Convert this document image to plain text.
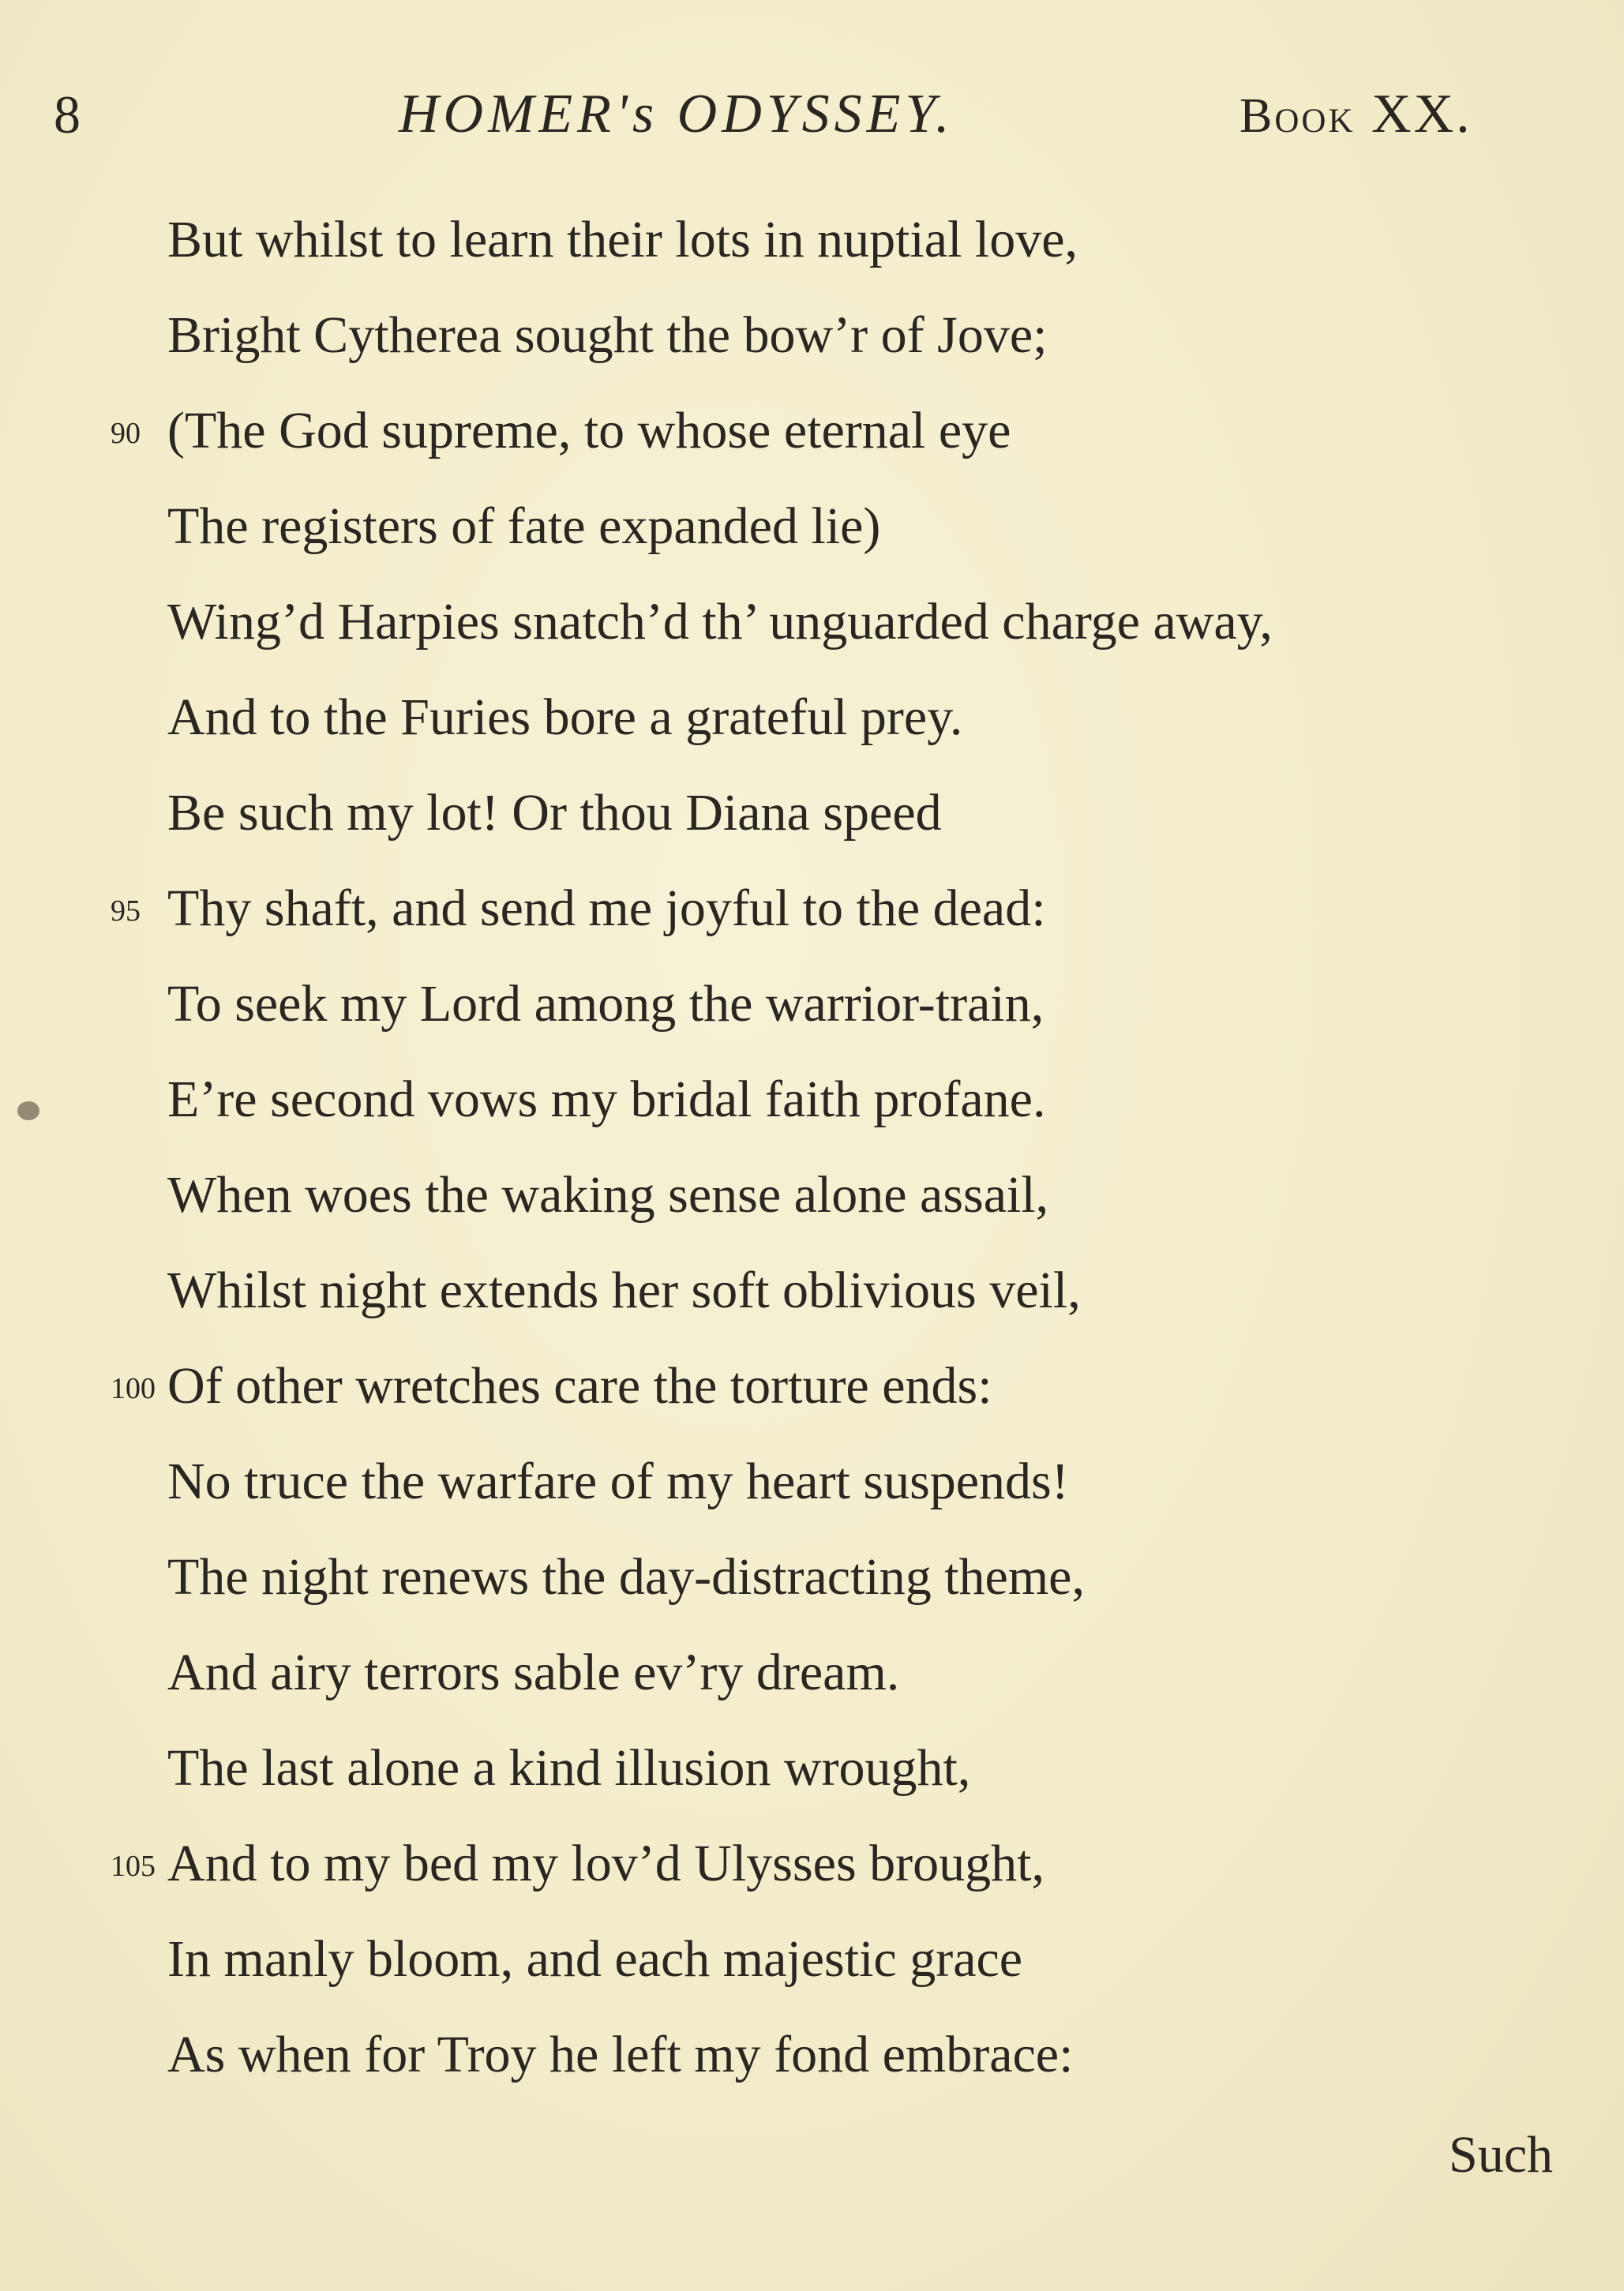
8	HOMER's ODYSSEY.	Book XX.
But whilst to learn their lots in nuptial love,
Bright Cytherea sought the bow’r of Jove;
90 (The God supreme, to whose eternal eye
The registers of fate expanded lie)
Wing’d Harpies snatch’d th’ unguarded charge away,
And to the Furies bore a grateful prey.
Be such my lot! Or thou Diana speed
95 Thy shaft, and send me joyful to the dead:
To seek my Lord among the warrior-train,
E’re second vows my bridal faith profane.
When woes the waking sense alone assail,
Whilst night extends her soft oblivious veil,
100 Of other wretches care the torture ends:
No truce the warfare of my heart suspends!
The night renews the day-distracting theme,
And airy terrors sable ev’ry dream.
The last alone a kind illusion wrought,
105 And to my bed my lov’d Ulysses brought,
In manly bloom, and each majestic grace
As when for Troy he left my fond embrace:
Such
